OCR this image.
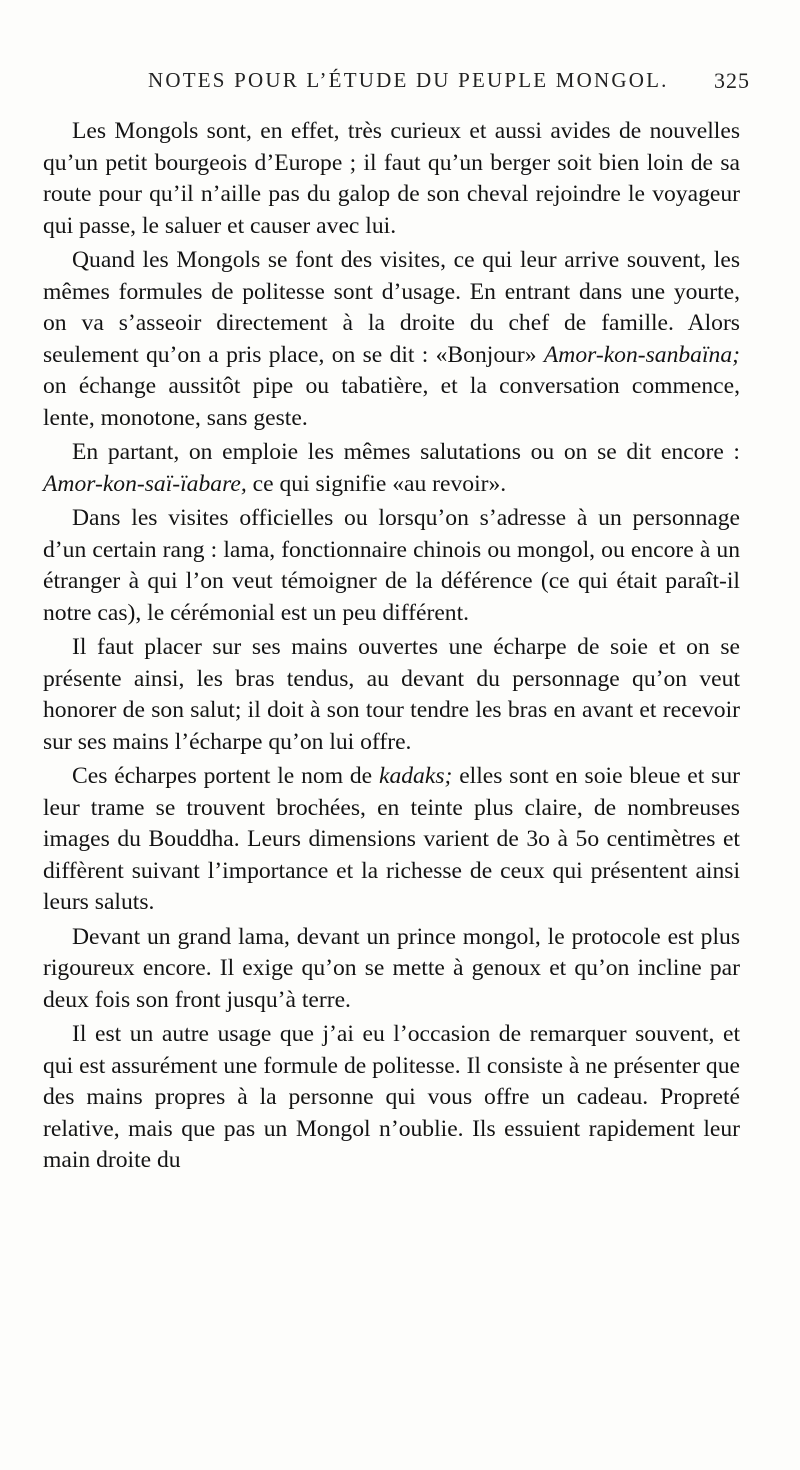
NOTES POUR L’ÉTUDE DU PEUPLE MONGOL. 325

Les Mongols sont, en effet, très curieux et aussi avides de nouvelles qu’un petit bourgeois d’Europe ; il faut qu’un berger soit bien loin de sa route pour qu’il n’aille pas du galop de son cheval rejoindre le voyageur qui passe, le saluer et causer avec lui.

Quand les Mongols se font des visites, ce qui leur arrive souvent, les mêmes formules de politesse sont d’usage. En entrant dans une yourte, on va s’asseoir directement à la droite du chef de famille. Alors seulement qu’on a pris place, on se dit : «Bonjour» Amor-kon-sanbaïna; on échange aussitôt pipe ou tabatière, et la conversation commence, lente, monotone, sans geste.

En partant, on emploie les mêmes salutations ou on se dit encore : Amor-kon-saï-ïabare, ce qui signifie «au revoir».

Dans les visites officielles ou lorsqu’on s’adresse à un personnage d’un certain rang : lama, fonctionnaire chinois ou mongol, ou encore à un étranger à qui l’on veut témoigner de la déférence (ce qui était paraît-il notre cas), le cérémonial est un peu différent.

Il faut placer sur ses mains ouvertes une écharpe de soie et on se présente ainsi, les bras tendus, au devant du personnage qu’on veut honorer de son salut; il doit à son tour tendre les bras en avant et recevoir sur ses mains l’écharpe qu’on lui offre.

Ces écharpes portent le nom de kadaks; elles sont en soie bleue et sur leur trame se trouvent brochées, en teinte plus claire, de nombreuses images du Bouddha. Leurs dimensions varient de 3o à 5o centimètres et diffèrent suivant l’importance et la richesse de ceux qui présentent ainsi leurs saluts.

Devant un grand lama, devant un prince mongol, le protocole est plus rigoureux encore. Il exige qu’on se mette à genoux et qu’on incline par deux fois son front jusqu’à terre.

Il est un autre usage que j’ai eu l’occasion de remarquer souvent, et qui est assurément une formule de politesse. Il consiste à ne présenter que des mains propres à la personne qui vous offre un cadeau. Propreté relative, mais que pas un Mongol n’oublie. Ils essuient rapidement leur main droite du
